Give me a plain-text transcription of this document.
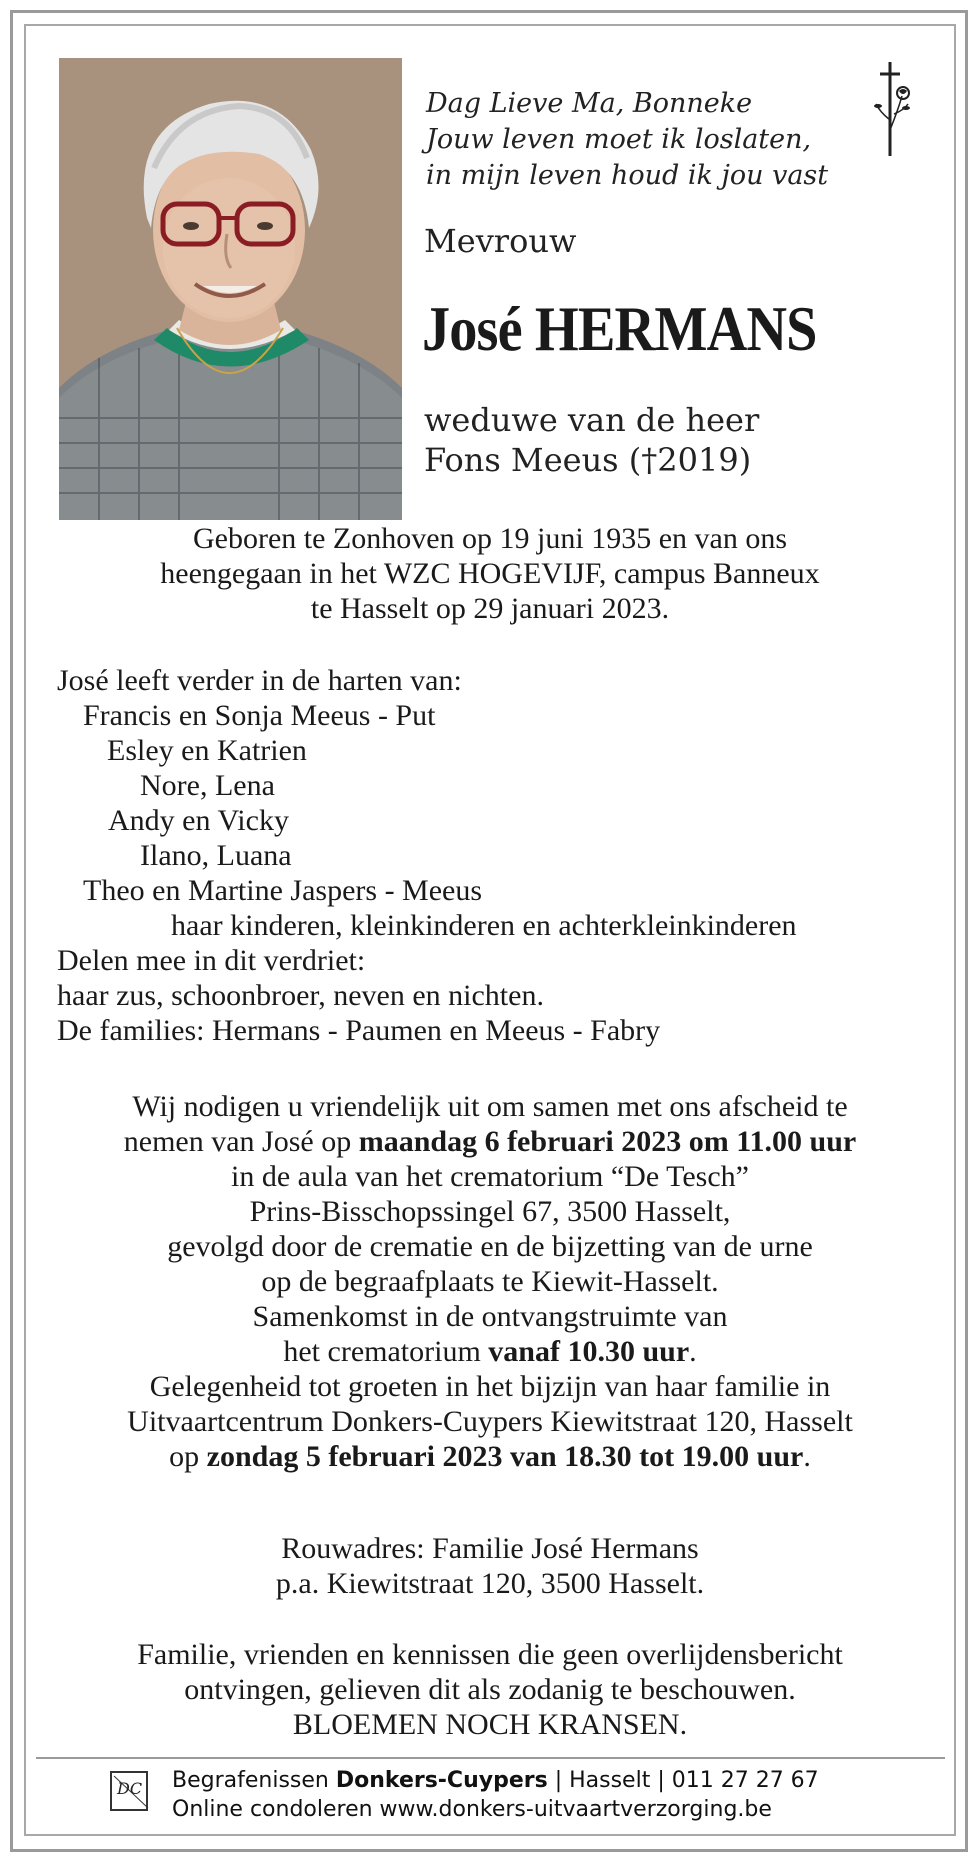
Dag Lieve Ma, Bonneke
Jouw leven moet ik loslaten,
in mijn leven houd ik jou vast
Mevrouw
José HERMANS
weduwe van de heer
Fons Meeus (†2019)
Geboren te Zonhoven op 19 juni 1935 en van ons
heengegaan in het WZC HOGEVIJF, campus Banneux
te Hasselt op 29 januari 2023.
José leeft verder in de harten van:
Francis en Sonja Meeus - Put
Esley en Katrien
Nore, Lena
Andy en Vicky
Ilano, Luana
Theo en Martine Jaspers - Meeus
haar kinderen, kleinkinderen en achterkleinkinderen
Delen mee in dit verdriet:
haar zus, schoonbroer, neven en nichten.
De families: Hermans - Paumen en Meeus - Fabry
Wij nodigen u vriendelijk uit om samen met ons afscheid te
nemen van José op maandag 6 februari 2023 om 11.00 uur
in de aula van het crematorium “De Tesch”
Prins-Bisschopssingel 67, 3500 Hasselt,
gevolgd door de crematie en de bijzetting van de urne
op de begraafplaats te Kiewit-Hasselt.
Samenkomst in de ontvangstruimte van
het crematorium vanaf 10.30 uur.
Gelegenheid tot groeten in het bijzijn van haar familie in
Uitvaartcentrum Donkers-Cuypers Kiewitstraat 120, Hasselt
op zondag 5 februari 2023 van 18.30 tot 19.00 uur.
Rouwadres: Familie José Hermans
p.a. Kiewitstraat 120, 3500 Hasselt.
Familie, vrienden en kennissen die geen overlijdensbericht
ontvingen, gelieven dit als zodanig te beschouwen.
BLOEMEN NOCH KRANSEN.
DC Begrafenissen Donkers-Cuypers | Hasselt | 011 27 27 67
Online condoleren www.donkers-uitvaartverzorging.be
